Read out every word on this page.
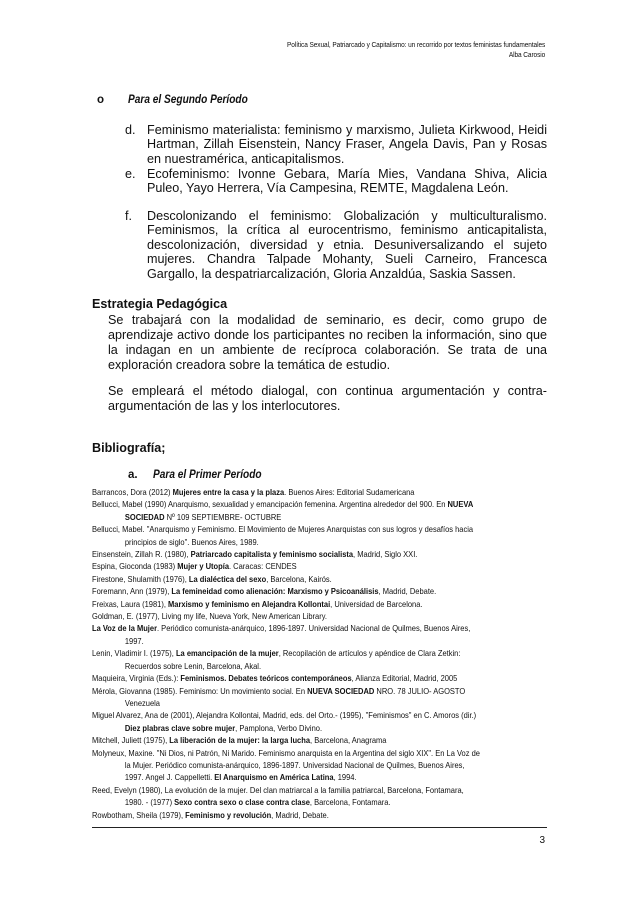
Política Sexual, Patriarcado y Capitalismo: un recorrido por textos feministas fundamentales
Alba Carosio
o Para el Segundo Período
d. Feminismo materialista: feminismo y marxismo, Julieta Kirkwood, Heidi Hartman, Zillah Eisenstein, Nancy Fraser, Angela Davis, Pan y Rosas en nuestramérica, anticapitalismos.
e. Ecofeminismo: Ivonne Gebara, María Mies, Vandana Shiva, Alicia Puleo, Yayo Herrera, Vía Campesina, REMTE, Magdalena León.
f. Descolonizando el feminismo: Globalización y multiculturalismo. Feminismos, la crítica al eurocentrismo, feminismo anticapitalista, descolonización, diversidad y etnia. Desuniversalizando el sujeto mujeres. Chandra Talpade Mohanty, Sueli Carneiro, Francesca Gargallo, la despatriarcalización, Gloria Anzaldúa, Saskia Sassen.
Estrategia Pedagógica
Se trabajará con la modalidad de seminario, es decir, como grupo de aprendizaje activo donde los participantes no reciben la información, sino que la indagan en un ambiente de recíproca colaboración. Se trata de una exploración creadora sobre la temática de estudio.
Se empleará el método dialogal, con continua argumentación y contra-argumentación de las y los interlocutores.
Bibliografía;
a. Para el Primer Período
Barrancos, Dora (2012) Mujeres entre la casa y la plaza. Buenos Aires: Editorial Sudamericana
Bellucci, Mabel (1990) Anarquismo, sexualidad y emancipación femenina. Argentina alrededor del 900. En NUEVA
SOCIEDAD Nº 109 SEPTIEMBRE- OCTUBRE
Bellucci, Mabel. "Anarquismo y Feminismo. El Movimiento de Mujeres Anarquistas con sus logros y desafíos hacia
principios de siglo". Buenos Aires, 1989.
Einsenstein, Zillah R. (1980), Patriarcado capitalista y feminismo socialista, Madrid, Siglo XXI.
Espina, Gioconda (1983) Mujer y Utopía. Caracas: CENDES
Firestone, Shulamith (1976), La dialéctica del sexo, Barcelona, Kairós.
Foremann, Ann (1979), La femineidad como alienación: Marxismo y Psicoanálisis, Madrid, Debate.
Freixas, Laura (1981), Marxismo y feminismo en Alejandra Kollontai, Universidad de Barcelona.
Goldman, E. (1977), Living my life, Nueva York, New American Library.
La Voz de la Mujer. Periódico comunista-anárquico, 1896-1897. Universidad Nacional de Quilmes, Buenos Aires,
1997.
Lenin, Vladimir I. (1975), La emancipación de la mujer, Recopilación de artículos y apéndice de Clara Zetkin:
Recuerdos sobre Lenin, Barcelona, Akal.
Maquieira, Virginia (Eds.): Feminismos. Debates teóricos contemporáneos, Alianza Editorial, Madrid, 2005
Mérola, Giovanna (1985). Feminismo: Un movimiento social. En NUEVA SOCIEDAD NRO. 78 JULIO- AGOSTO
Venezuela
Miguel Alvarez, Ana de (2001), Alejandra Kollontai, Madrid, eds. del Orto.- (1995), "Feminismos" en C. Amoros (dir.)
Diez plabras clave sobre mujer, Pamplona, Verbo Divino.
Mitchell, Juliett (1975), La liberación de la mujer: la larga lucha, Barcelona, Anagrama
Molyneux, Maxine. "Ni Dios, ni Patrón, Ni Marido. Feminismo anarquista en la Argentina del siglo XIX". En La Voz de
la Mujer. Periódico comunista-anárquico, 1896-1897. Universidad Nacional de Quilmes, Buenos Aires,
1997. Angel J. Cappelletti. El Anarquismo en América Latina, 1994.
Reed, Evelyn (1980), La evolución de la mujer. Del clan matriarcal a la familia patriarcal, Barcelona, Fontamara,
1980. - (1977) Sexo contra sexo o clase contra clase, Barcelona, Fontamara.
Rowbotham, Sheila (1979), Feminismo y revolución, Madrid, Debate.
3
